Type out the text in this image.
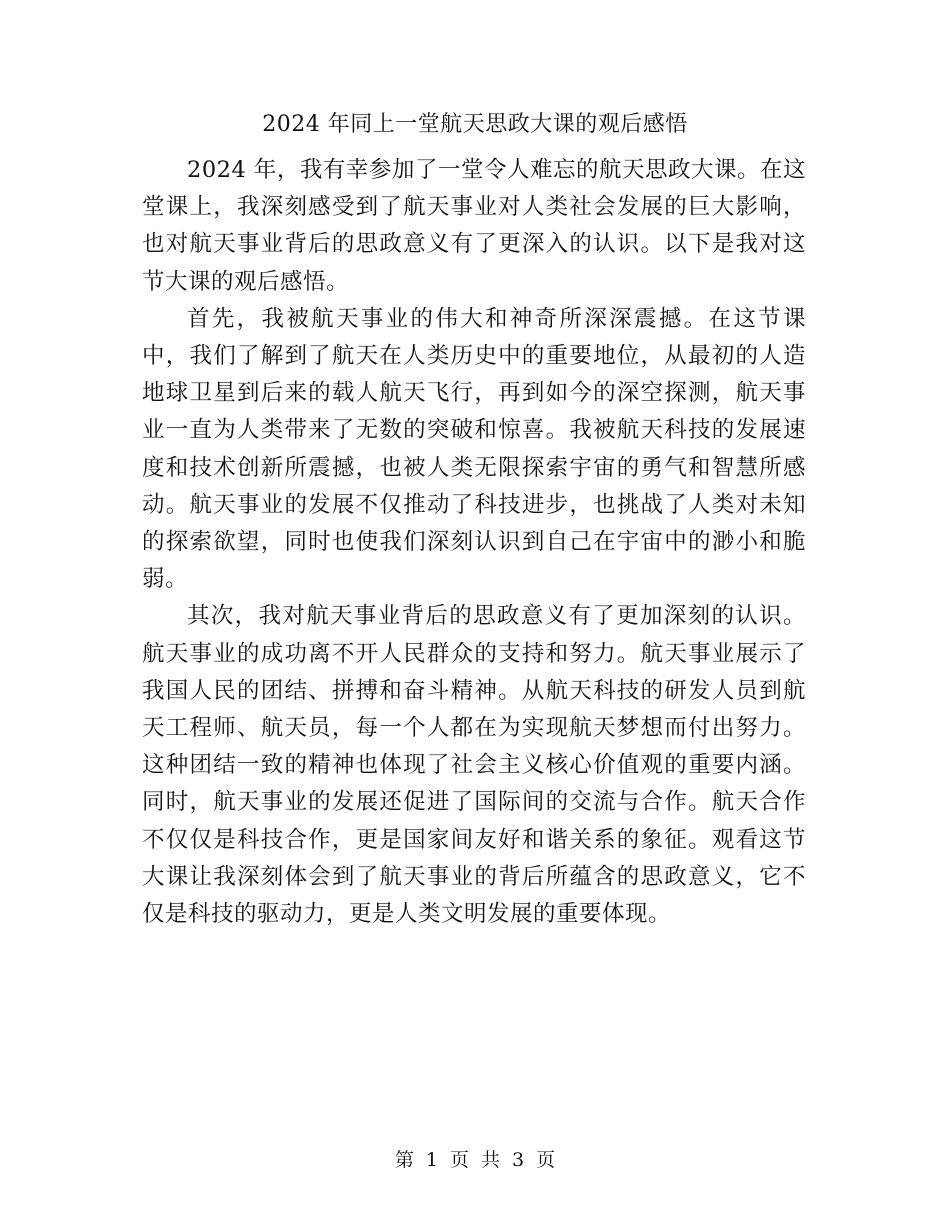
2024 年同上一堂航天思政大课的观后感悟

2024 年，我有幸参加了一堂令人难忘的航天思政大课。在这堂课上，我深刻感受到了航天事业对人类社会发展的巨大影响，也对航天事业背后的思政意义有了更深入的认识。以下是我对这节大课的观后感悟。

首先，我被航天事业的伟大和神奇所深深震撼。在这节课中，我们了解到了航天在人类历史中的重要地位，从最初的人造地球卫星到后来的载人航天飞行，再到如今的深空探测，航天事业一直为人类带来了无数的突破和惊喜。我被航天科技的发展速度和技术创新所震撼，也被人类无限探索宇宙的勇气和智慧所感动。航天事业的发展不仅推动了科技进步，也挑战了人类对未知的探索欲望，同时也使我们深刻认识到自己在宇宙中的渺小和脆弱。

其次，我对航天事业背后的思政意义有了更加深刻的认识。航天事业的成功离不开人民群众的支持和努力。航天事业展示了我国人民的团结、拼搏和奋斗精神。从航天科技的研发人员到航天工程师、航天员，每一个人都在为实现航天梦想而付出努力。这种团结一致的精神也体现了社会主义核心价值观的重要内涵。同时，航天事业的发展还促进了国际间的交流与合作。航天合作不仅仅是科技合作，更是国家间友好和谐关系的象征。观看这节大课让我深刻体会到了航天事业的背后所蕴含的思政意义，它不仅是科技的驱动力，更是人类文明发展的重要体现。

第 1 页 共 3 页
